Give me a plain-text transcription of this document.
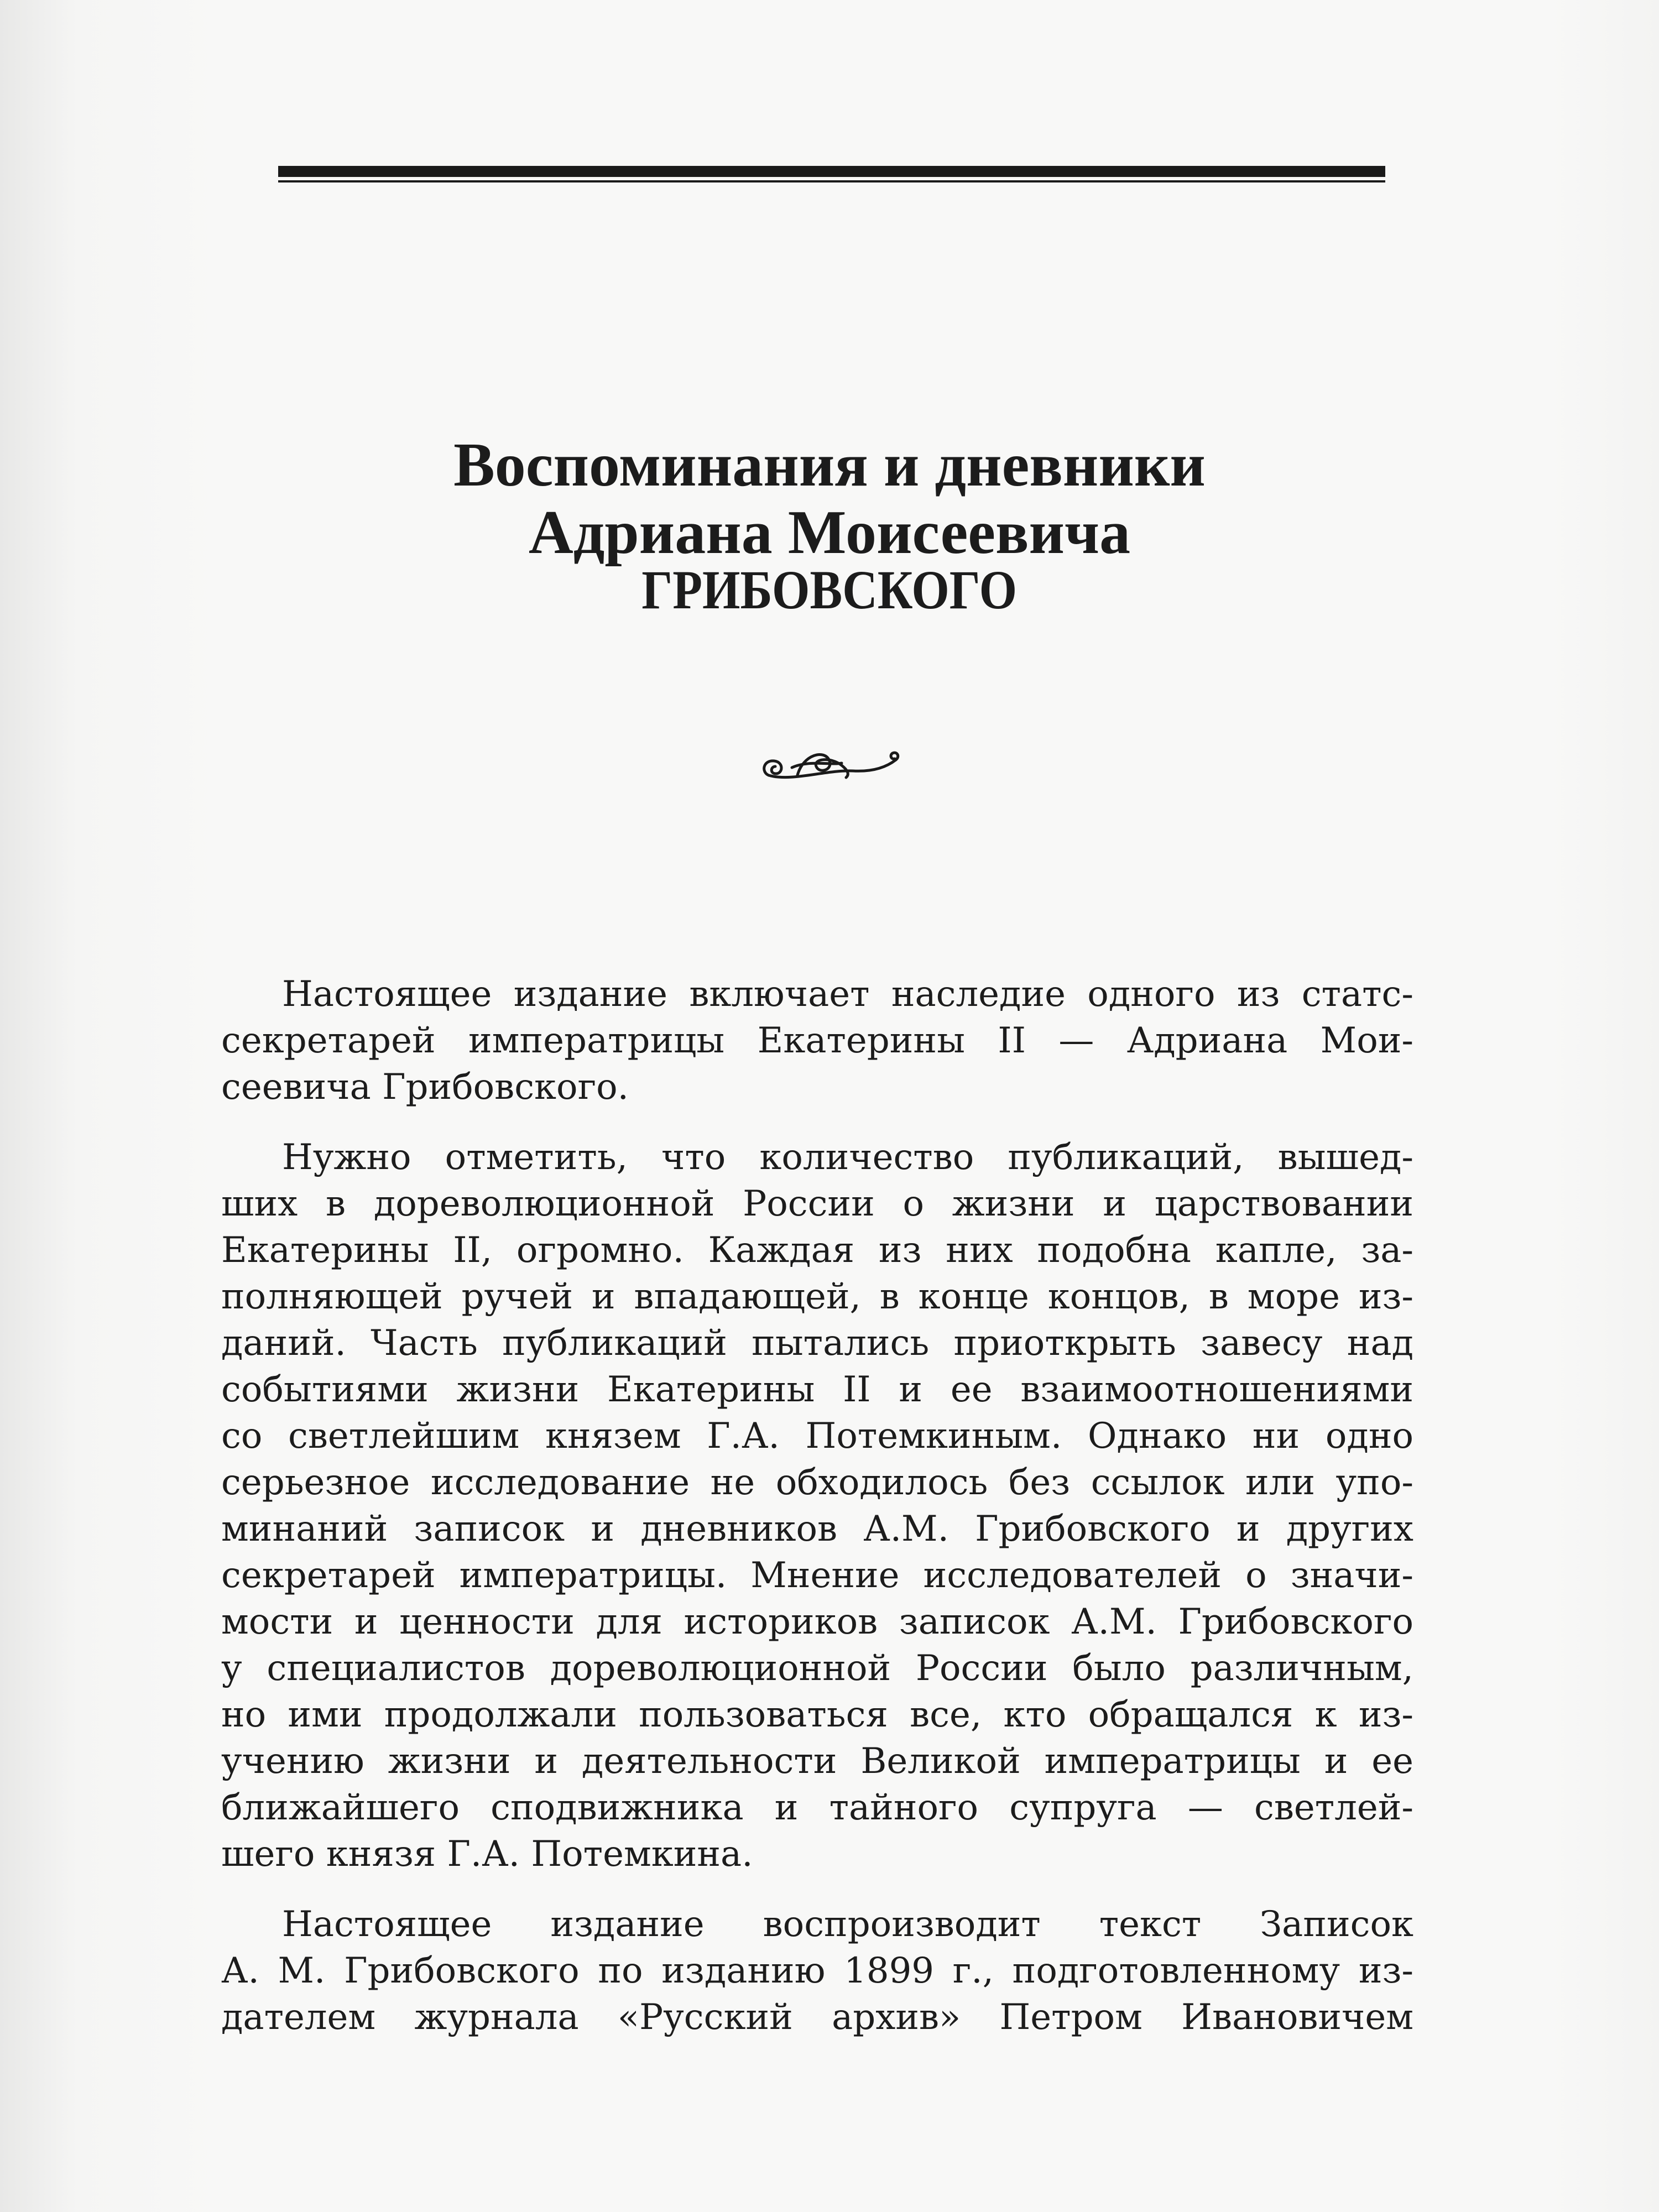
Воспоминания и дневники
Адриана Моисеевича
ГРИБОВСКОГО
Настоящее издание включает наследие одного из статс-
секретарей императрицы Екатерины II — Адриана Мои-
сеевича Грибовского.
Нужно отметить, что количество публикаций, вышед-
ших в дореволюционной России о жизни и царствовании
Екатерины II, огромно. Каждая из них подобна капле, за-
полняющей ручей и впадающей, в конце концов, в море из-
даний. Часть публикаций пытались приоткрыть завесу над
событиями жизни Екатерины II и ее взаимоотношениями
со светлейшим князем Г.А. Потемкиным. Однако ни одно
серьезное исследование не обходилось без ссылок или упо-
минаний записок и дневников А.М. Грибовского и других
секретарей императрицы. Мнение исследователей о значи-
мости и ценности для историков записок А.М. Грибовского
у специалистов дореволюционной России было различным,
но ими продолжали пользоваться все, кто обращался к из-
учению жизни и деятельности Великой императрицы и ее
ближайшего сподвижника и тайного супруга — светлей-
шего князя Г.А. Потемкина.
Настоящее издание воспроизводит текст Записок
А. М. Грибовского по изданию 1899 г., подготовленному из-
дателем журнала «Русский архив» Петром Ивановичем
